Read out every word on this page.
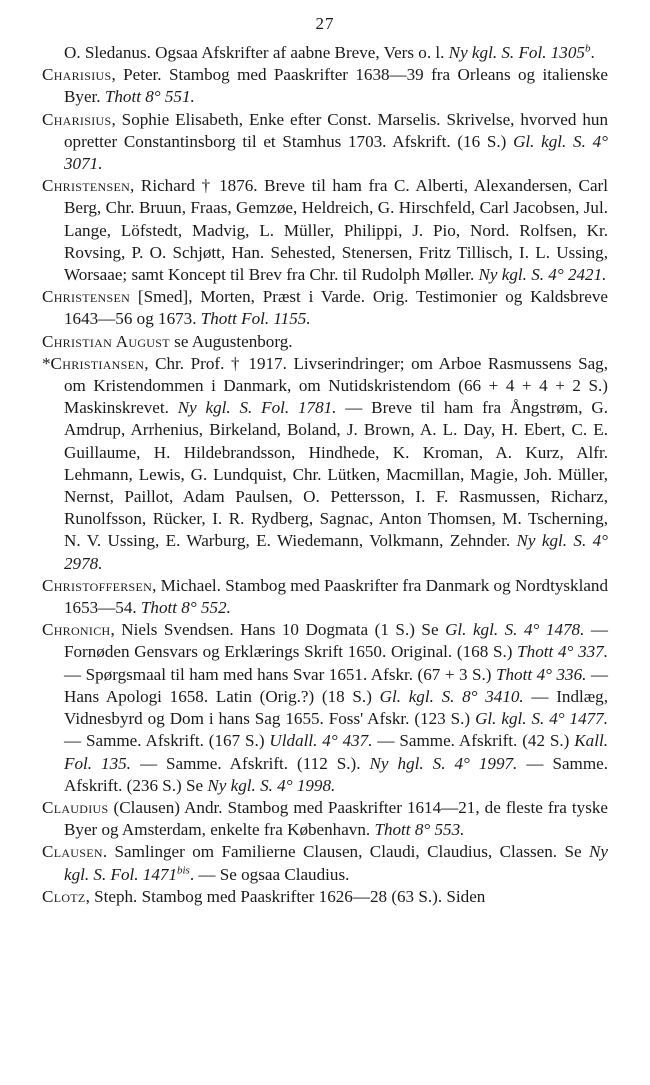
27
O. Sledanus. Ogsaa Afskrifter af aabne Breve, Vers o. l. Ny kgl. S. Fol. 1305$^b$.
Charisius, Peter. Stambog med Paaskrifter 1638—39 fra Orleans og italienske Byer. Thott 8° 551.
Charisius, Sophie Elisabeth, Enke efter Const. Marselis. Skrivelse, hvorved hun opretter Constantinsborg til et Stamhus 1703. Afskrift. (16 S.) Gl. kgl. S. 4° 3071.
Christensen, Richard † 1876. Breve til ham fra C. Alberti, Alexandersen, Carl Berg, Chr. Bruun, Fraas, Gemzøe, Heldreich, G. Hirschfeld, Carl Jacobsen, Jul. Lange, Löfstedt, Madvig, L. Müller, Philippi, J. Pio, Nord. Rolfsen, Kr. Rovsing, P. O. Schjøtt, Han. Sehested, Stenersen, Fritz Tillisch, I. L. Ussing, Worsaae; samt Koncept til Brev fra Chr. til Rudolph Møller. Ny kgl. S. 4° 2421.
Christensen [Smed], Morten, Præst i Varde. Orig. Testimonier og Kaldsbreve 1643—56 og 1673. Thott Fol. 1155.
Christian August se Augustenborg.
*Christiansen, Chr. Prof. † 1917. Livserindringer; om Arboe Rasmussens Sag, om Kristendommen i Danmark, om Nutidskristendom (66 + 4 + 4 + 2 S.) Maskinskrevet. Ny kgl. S. Fol. 1781. — Breve til ham fra Ångstrøm, G. Amdrup, Arrhenius, Birkeland, Boland, J. Brown, A. L. Day, H. Ebert, C. E. Guillaume, H. Hildebrandsson, Hindhede, K. Kroman, A. Kurz, Alfr. Lehmann, Lewis, G. Lundquist, Chr. Lütken, Macmillan, Magie, Joh. Müller, Nernst, Paillot, Adam Paulsen, O. Pettersson, I. F. Rasmussen, Richarz, Runolfsson, Rücker, I. R. Rydberg, Sagnac, Anton Thomsen, M. Tscherning, N. V. Ussing, E. Warburg, E. Wiedemann, Volkmann, Zehnder. Ny kgl. S. 4° 2978.
Christoffersen, Michael. Stambog med Paaskrifter fra Danmark og Nordtyskland 1653—54. Thott 8° 552.
Chronich, Niels Svendsen. Hans 10 Dogmata (1 S.) Se Gl. kgl. S. 4° 1478. — Fornøden Gensvars og Erklærings Skrift 1650. Original. (168 S.) Thott 4° 337. — Spørgsmaal til ham med hans Svar 1651. Afskr. (67 + 3 S.) Thott 4° 336. — Hans Apologi 1658. Latin (Orig.?) (18 S.) Gl. kgl. S. 8° 3410. — Indlæg, Vidnesbyrd og Dom i hans Sag 1655. Foss' Afskr. (123 S.) Gl. kgl. S. 4° 1477. — Samme. Afskrift. (167 S.) Uldall. 4° 437. — Samme. Afskrift. (42 S.) Kall. Fol. 135. — Samme. Afskrift. (112 S.). Ny hgl. S. 4° 1997. — Samme. Afskrift. (236 S.) Se Ny kgl. S. 4° 1998.
Claudius (Clausen) Andr. Stambog med Paaskrifter 1614—21, de fleste fra tyske Byer og Amsterdam, enkelte fra København. Thott 8° 553.
Clausen. Samlinger om Familierne Clausen, Claudi, Claudius, Classen. Se Ny kgl. S. Fol. $1471^{bis}$. — Se ogsaa Claudius.
Clotz, Steph. Stambog med Paaskrifter 1626—28 (63 S.). Siden
